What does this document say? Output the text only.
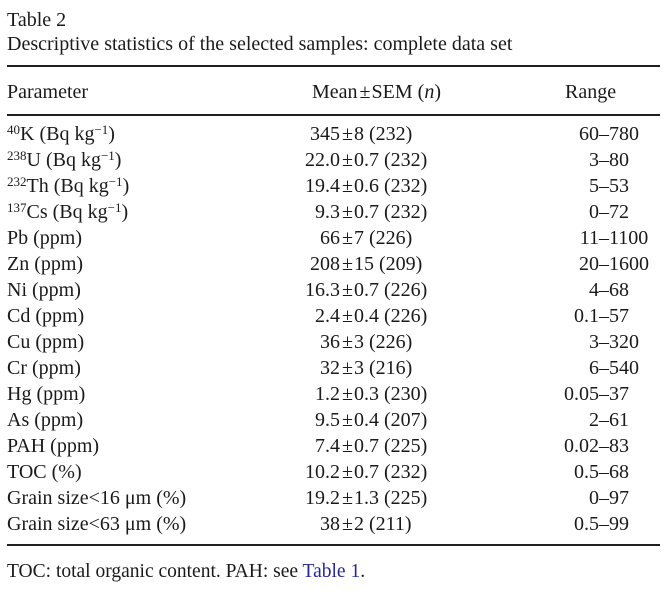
Table 2
Descriptive statistics of the selected samples: complete data set
Parameter	Mean ±SEM (n)	Range
$^{40}$K (Bq $kg^{-1}$)	345 ± 8 (232)	60 – 780
$^{238}$U (Bq $kg^{-1}$)	22.0 ± 0.7 (232)	3 – 80
$^{232}$Th (Bq $kg^{-1}$)	19.4 ± 0.6 (232)	5 – 53
$^{137}$Cs (Bq $kg^{-1}$)	9.3 ± 0.7 (232)	0 – 72
Pb (ppm)	66 ± 7 (226)	11 – 1100
Zn (ppm)	208 ± 15 (209)	20 – 1600
Ni (ppm)	16.3 ± 0.7 (226)	4 – 68
Cd (ppm)	2.4 ± 0.4 (226)	0.1 – 57
Cu (ppm)	36 ± 3 (226)	3 – 320
Cr (ppm)	32 ± 3 (216)	6 – 540
Hg (ppm)	1.2 ± 0.3 (230)	0.05 – 37
As (ppm)	9.5 ± 0.4 (207)	2 – 61
PAH (ppm)	7.4 ± 0.7 (225)	0.02 – 83
TOC (%)	10.2 ± 0.7 (232)	0.5 – 68
Grain size<16 μm (%)	19.2 ± 1.3 (225)	0 – 97
Grain size<63 μm (%)	38 ± 2 (211)	0.5 – 99
TOC: total organic content. PAH: see Table 1.
